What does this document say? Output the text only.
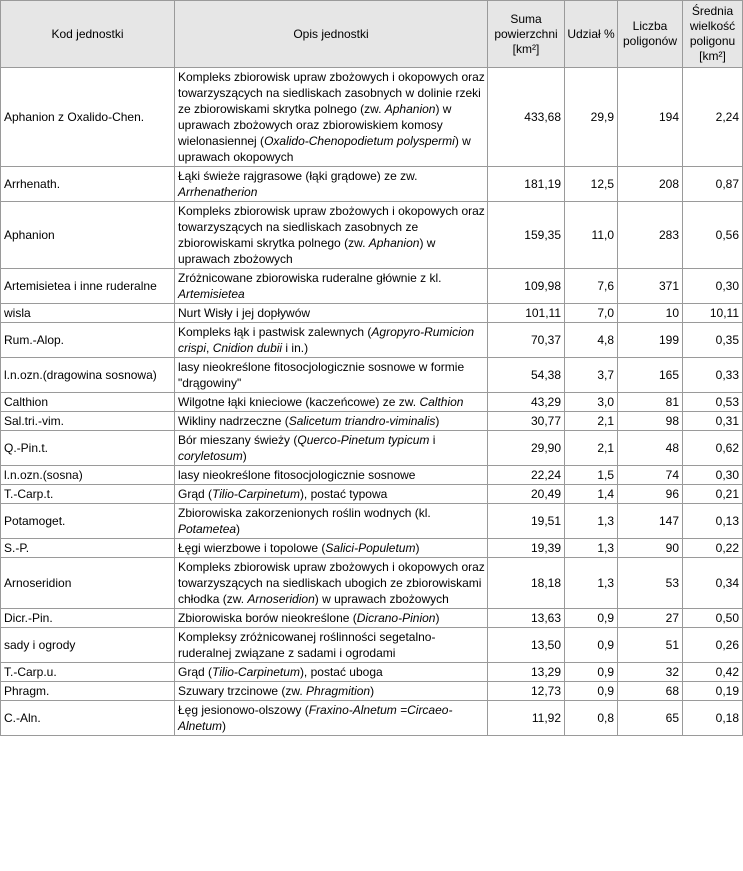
Kod jednostki	Opis jednostki	Suma powierzchni [km²]	Udział %	Liczba poligonów	Średnia wielkość poligonu [km²]
Aphanion z Oxalido-Chen.	Kompleks zbiorowisk upraw zbożowych i okopowych oraz towarzyszących na siedliskach zasobnych w dolinie rzeki ze zbiorowiskami skrytka polnego (zw. Aphanion) w uprawach zbożowych oraz zbiorowiskiem komosy wielonasiennej (Oxalido-Chenopodietum polyspermi) w uprawach okopowych	433,68	29,9	194	2,24
Arrhenath.	Łąki świeże rajgrasowe (łąki grądowe) ze zw. Arrhenatherion	181,19	12,5	208	0,87
Aphanion	Kompleks zbiorowisk upraw zbożowych i okopowych oraz towarzyszących na siedliskach zasobnych ze zbiorowiskami skrytka polnego (zw. Aphanion) w uprawach zbożowych	159,35	11,0	283	0,56
Artemisietea i inne ruderalne	Zróżnicowane zbiorowiska ruderalne głównie z kl. Artemisietea	109,98	7,6	371	0,30
wisla	Nurt Wisły i jej dopływów	101,11	7,0	10	10,11
Rum.-Alop.	Kompleks łąk i pastwisk zalewnych (Agropyro-Rumicion crispi, Cnidion dubii i in.)	70,37	4,8	199	0,35
l.n.ozn.(dragowina sosnowa)	lasy nieokreślone fitosocjologicznie sosnowe w formie "drągowiny"	54,38	3,7	165	0,33
Calthion	Wilgotne łąki knieciowe (kaczeńcowe) ze zw. Calthion	43,29	3,0	81	0,53
Sal.tri.-vim.	Wikliny nadrzeczne (Salicetum triandro-viminalis)	30,77	2,1	98	0,31
Q.-Pin.t.	Bór mieszany świeży (Querco-Pinetum typicum i coryletosum)	29,90	2,1	48	0,62
l.n.ozn.(sosna)	lasy nieokreślone fitosocjologicznie sosnowe	22,24	1,5	74	0,30
T.-Carp.t.	Grąd (Tilio-Carpinetum), postać typowa	20,49	1,4	96	0,21
Potamoget.	Zbiorowiska zakorzenionych roślin wodnych (kl. Potametea)	19,51	1,3	147	0,13
S.-P.	Łęgi wierzbowe i topolowe (Salici-Populetum)	19,39	1,3	90	0,22
Arnoseridion	Kompleks zbiorowisk upraw zbożowych i okopowych oraz towarzyszących na siedliskach ubogich ze zbiorowiskami chłodka (zw. Arnoseridion) w uprawach zbożowych	18,18	1,3	53	0,34
Dicr.-Pin.	Zbiorowiska borów nieokreślone (Dicrano-Pinion)	13,63	0,9	27	0,50
sady i ogrody	Kompleksy zróżnicowanej roślinności segetalno-ruderalnej związane z sadami i ogrodami	13,50	0,9	51	0,26
T.-Carp.u.	Grąd (Tilio-Carpinetum), postać uboga	13,29	0,9	32	0,42
Phragm.	Szuwary trzcinowe (zw. Phragmition)	12,73	0,9	68	0,19
C.-Aln.	Łęg jesionowo-olszowy (Fraxino-Alnetum =Circaeo-Alnetum)	11,92	0,8	65	0,18
